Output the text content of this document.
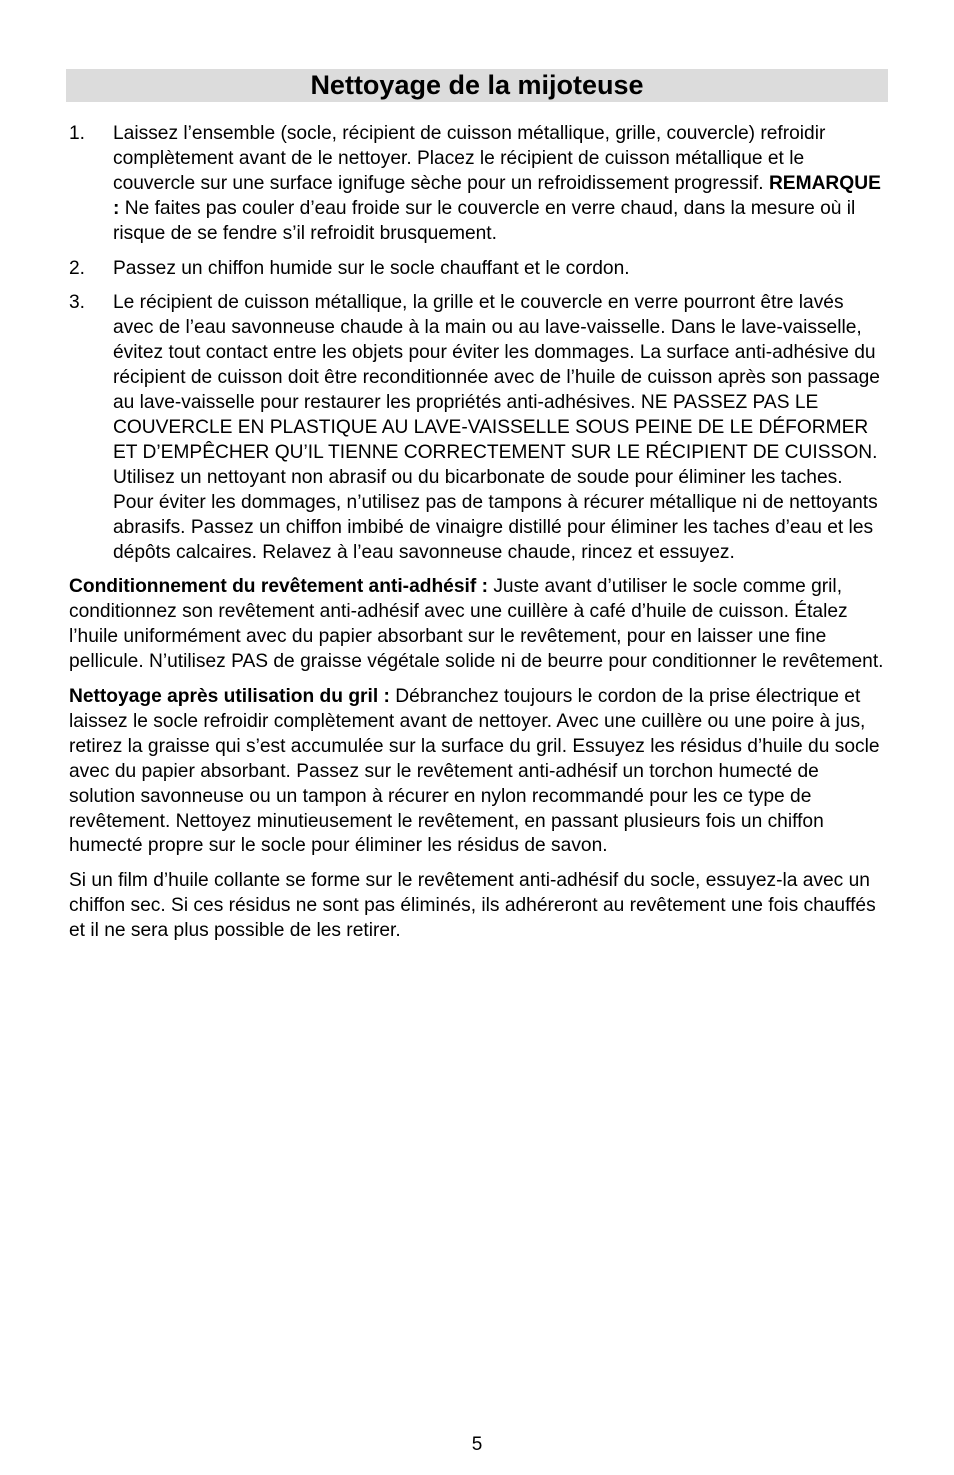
Nettoyage de la mijoteuse
1. Laissez l’ensemble (socle, récipient de cuisson métallique, grille, couvercle) refroidir complètement avant de le nettoyer. Placez le récipient de cuisson métallique et le couvercle sur une surface ignifuge sèche pour un refroidissement progressif. REMARQUE : Ne faites pas couler d’eau froide sur le couvercle en verre chaud, dans la mesure où il risque de se fendre s’il refroidit brusquement.
2. Passez un chiffon humide sur le socle chauffant et le cordon.
3. Le récipient de cuisson métallique, la grille et le couvercle en verre pourront être lavés avec de l’eau savonneuse chaude à la main ou au lave-vaisselle. Dans le lave-vaisselle, évitez tout contact entre les objets pour éviter les dommages. La surface anti-adhésive du récipient de cuisson doit être reconditionnée avec de l’huile de cuisson après son passage au lave-vaisselle pour restaurer les propriétés anti-adhésives. NE PASSEZ PAS LE COUVERCLE EN PLASTIQUE AU LAVE-VAISSELLE SOUS PEINE DE LE DÉFORMER ET D’EMPÊCHER QU’IL TIENNE CORRECTEMENT SUR LE RÉCIPIENT DE CUISSON. Utilisez un nettoyant non abrasif ou du bicarbonate de soude pour éliminer les taches. Pour éviter les dommages, n’utilisez pas de tampons à récurer métallique ni de nettoyants abrasifs. Passez un chiffon imbibé de vinaigre distillé pour éliminer les taches d’eau et les dépôts calcaires. Relavez à l’eau savonneuse chaude, rincez et essuyez.

Conditionnement du revêtement anti-adhésif : Juste avant d’utiliser le socle comme gril, conditionnez son revêtement anti-adhésif avec une cuillère à café d’huile de cuisson. Étalez l’huile uniformément avec du papier absorbant sur le revêtement, pour en laisser une fine pellicule. N’utilisez PAS de graisse végétale solide ni de beurre pour conditionner le revêtement.

Nettoyage après utilisation du gril : Débranchez toujours le cordon de la prise électrique et laissez le socle refroidir complètement avant de nettoyer. Avec une cuillère ou une poire à jus, retirez la graisse qui s’est accumulée sur la surface du gril. Essuyez les résidus d’huile du socle avec du papier absorbant. Passez sur le revêtement anti-adhésif un torchon humecté de solution savonneuse ou un tampon à récurer en nylon recommandé pour les ce type de revêtement. Nettoyez minutieusement le revêtement, en passant plusieurs fois un chiffon humecté propre sur le socle pour éliminer les résidus de savon.

Si un film d’huile collante se forme sur le revêtement anti-adhésif du socle, essuyez-la avec un chiffon sec. Si ces résidus ne sont pas éliminés, ils adhéreront au revêtement une fois chauffés et il ne sera plus possible de les retirer.

5
